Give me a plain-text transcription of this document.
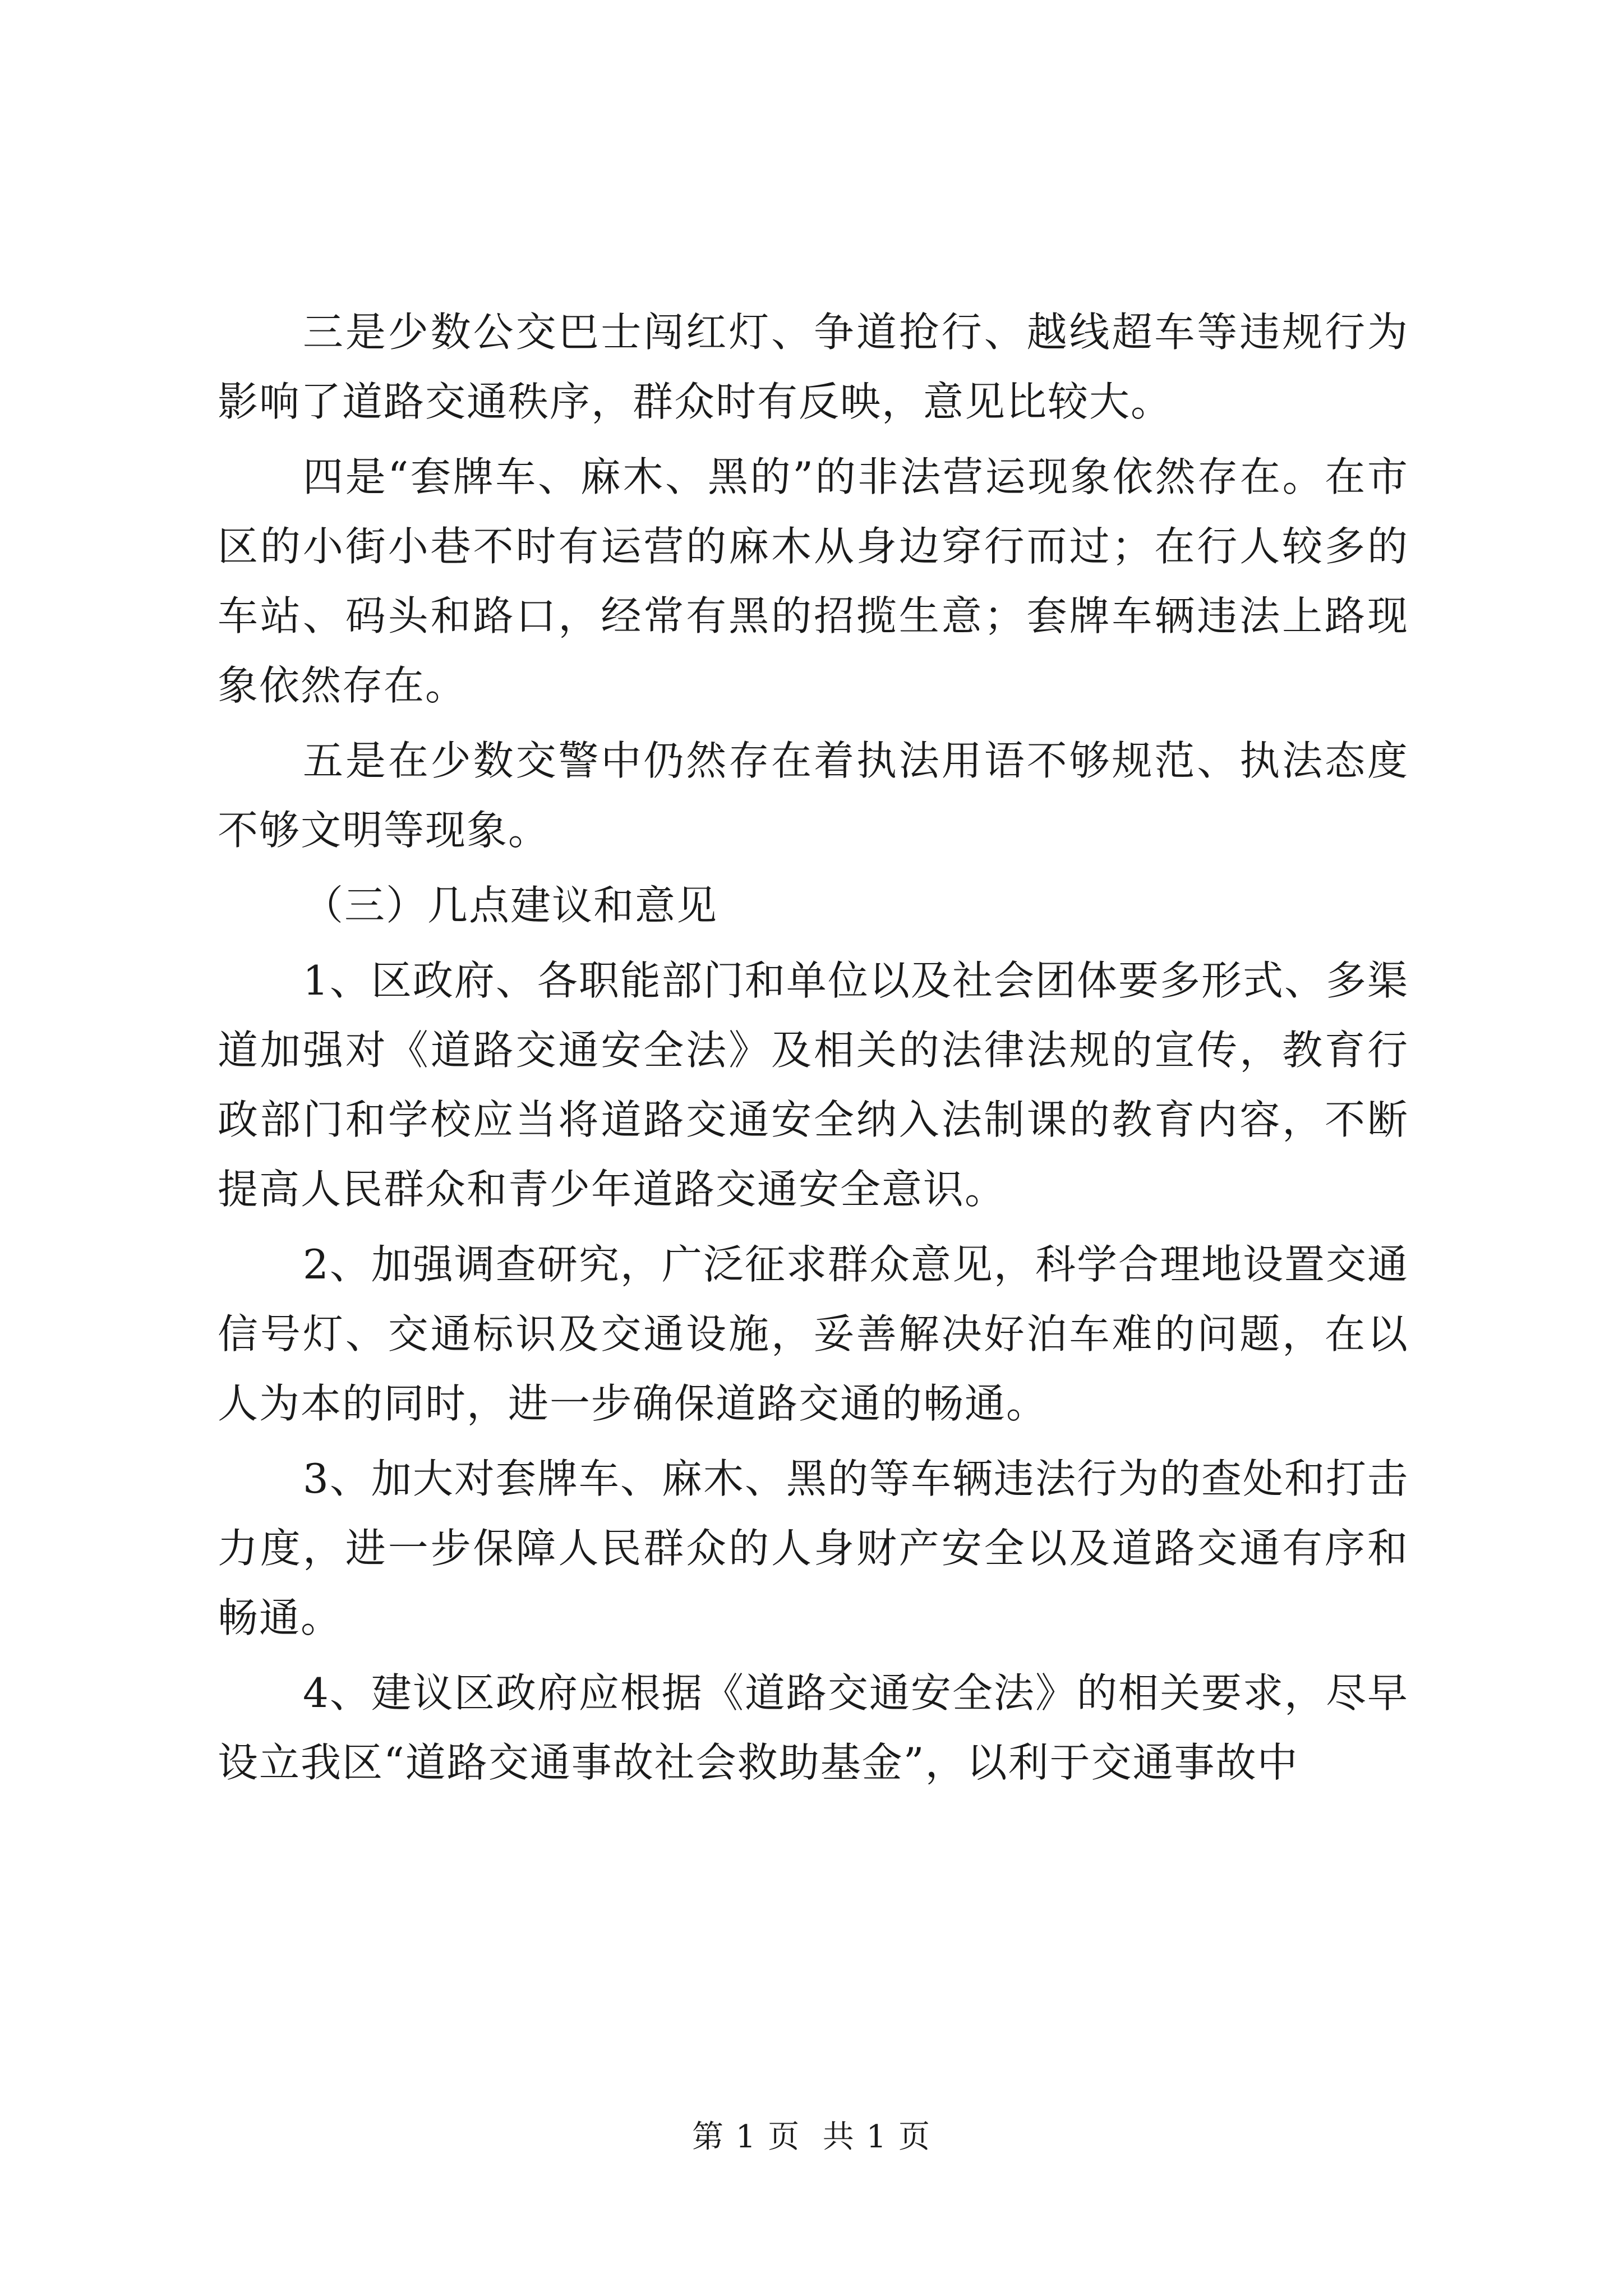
三是少数公交巴士闯红灯、争道抢行、越线超车等违规行为影响了道路交通秩序，群众时有反映，意见比较大。

四是“套牌车、麻木、黑的”的非法营运现象依然存在。在市区的小街小巷不时有运营的麻木从身边穿行而过；在行人较多的车站、码头和路口，经常有黑的招揽生意；套牌车辆违法上路现象依然存在。

五是在少数交警中仍然存在着执法用语不够规范、执法态度不够文明等现象。

（三）几点建议和意见

1、区政府、各职能部门和单位以及社会团体要多形式、多渠道加强对《道路交通安全法》及相关的法律法规的宣传，教育行政部门和学校应当将道路交通安全纳入法制课的教育内容，不断提高人民群众和青少年道路交通安全意识。

2、加强调查研究，广泛征求群众意见，科学合理地设置交通信号灯、交通标识及交通设施，妥善解决好泊车难的问题，在以人为本的同时，进一步确保道路交通的畅通。

3、加大对套牌车、麻木、黑的等车辆违法行为的查处和打击力度，进一步保障人民群众的人身财产安全以及道路交通有序和畅通。

4、建议区政府应根据《道路交通安全法》的相关要求，尽早设立我区“道路交通事故社会救助基金”，以利于交通事故中

第 1 页  共 1 页
